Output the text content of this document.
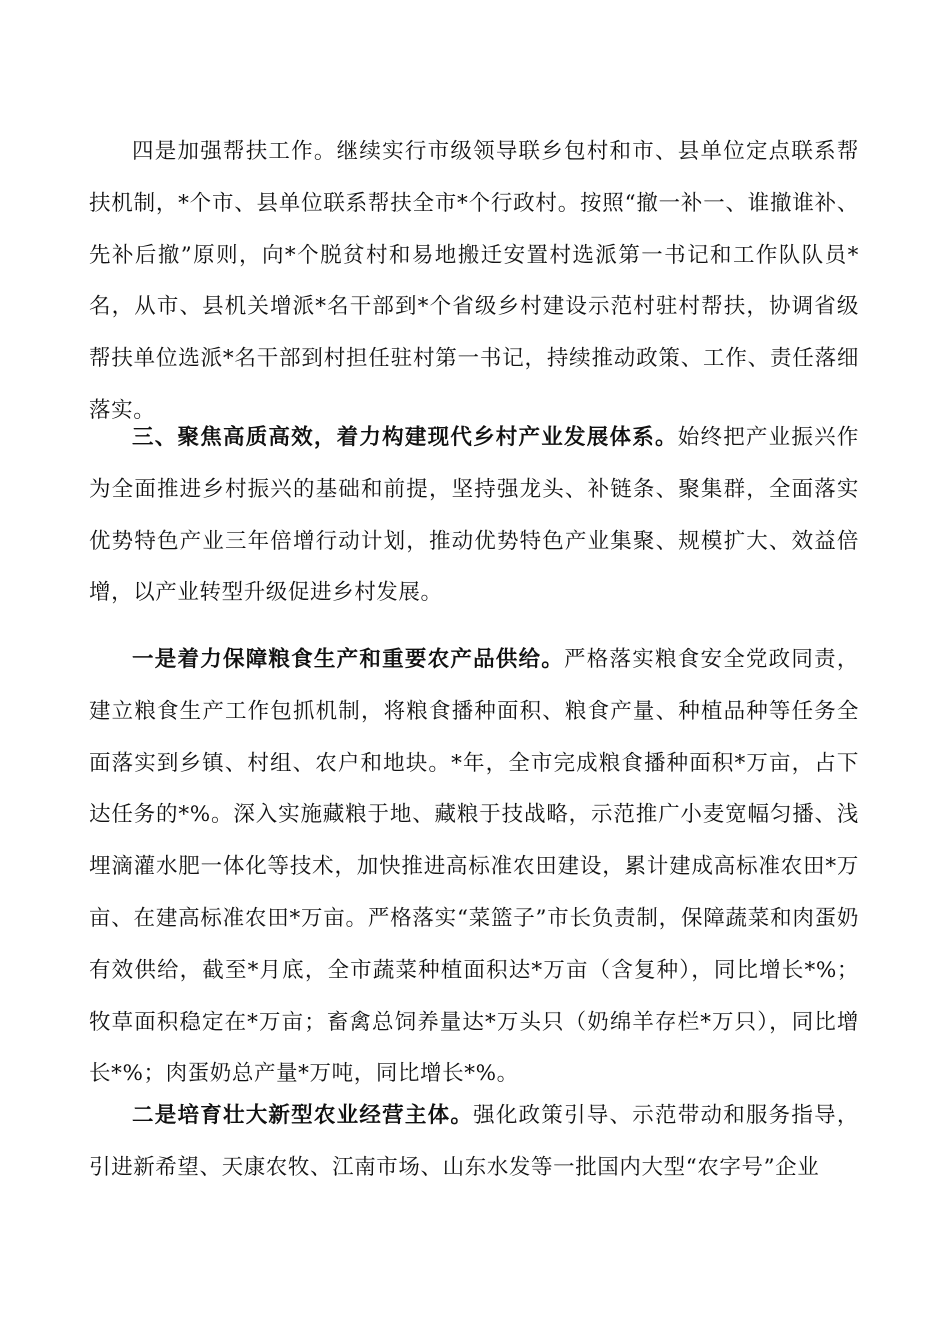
四是加强帮扶工作。继续实行市级领导联乡包村和市、县单位定点联系帮扶机制，*个市、县单位联系帮扶全市*个行政村。按照“撤一补一、谁撤谁补、先补后撤”原则，向*个脱贫村和易地搬迁安置村选派第一书记和工作队队员*名，从市、县机关增派*名干部到*个省级乡村建设示范村驻村帮扶，协调省级帮扶单位选派*名干部到村担任驻村第一书记，持续推动政策、工作、责任落细落实。

三、聚焦高质高效，着力构建现代乡村产业发展体系。始终把产业振兴作为全面推进乡村振兴的基础和前提，坚持强龙头、补链条、聚集群，全面落实优势特色产业三年倍增行动计划，推动优势特色产业集聚、规模扩大、效益倍增，以产业转型升级促进乡村发展。

一是着力保障粮食生产和重要农产品供给。严格落实粮食安全党政同责，建立粮食生产工作包抓机制，将粮食播种面积、粮食产量、种植品种等任务全面落实到乡镇、村组、农户和地块。*年，全市完成粮食播种面积*万亩，占下达任务的*%。深入实施藏粮于地、藏粮于技战略，示范推广小麦宽幅匀播、浅埋滴灌水肥一体化等技术，加快推进高标准农田建设，累计建成高标准农田*万亩、在建高标准农田*万亩。严格落实“菜篮子”市长负责制，保障蔬菜和肉蛋奶有效供给，截至*月底，全市蔬菜种植面积达*万亩（含复种），同比增长*%；牧草面积稳定在*万亩；畜禽总饲养量达*万头只（奶绵羊存栏*万只），同比增长*%；肉蛋奶总产量*万吨，同比增长*%。

二是培育壮大新型农业经营主体。强化政策引导、示范带动和服务指导，引进新希望、天康农牧、江南市场、山东水发等一批国内大型“农字号”企业
